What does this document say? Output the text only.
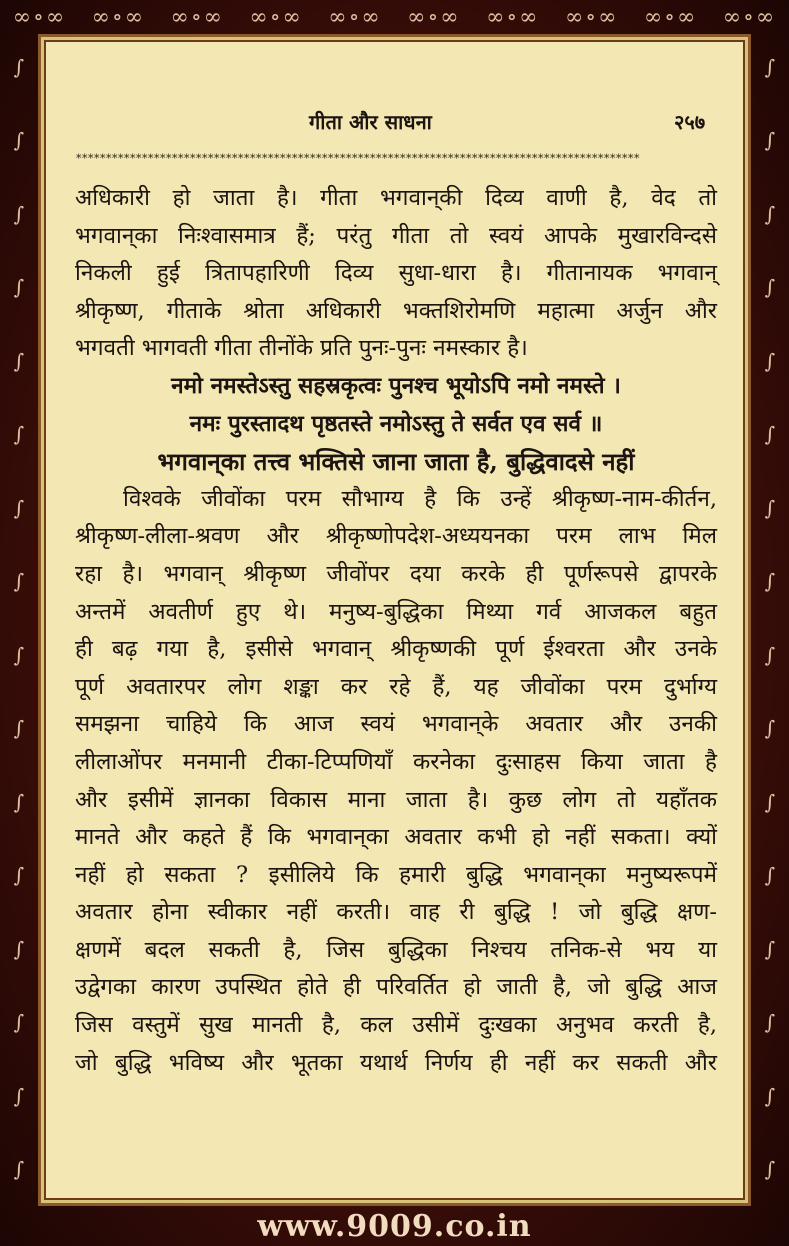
∞∘∞ ∞∘∞ ∞∘∞ ∞∘∞ ∞∘∞ ∞∘∞ ∞∘∞ ∞∘∞ ∞∘∞ ∞∘∞
∫
∫
∫
∫
∫
∫
∫
∫
∫
∫
∫
∫
∫
∫
∫
∫
∫
∫
∫
∫
∫
∫
∫
∫
∫
∫
∫
∫
∫
∫
∫
∫
गीता और साधना	२५७
**********************************************************************************************
अधिकारी हो जाता है। गीता भगवान्‌की दिव्य वाणी है, वेद तो
भगवान्‌का निःश्वासमात्र हैं; परंतु गीता तो स्वयं आपके मुखारविन्दसे
निकली हुई त्रितापहारिणी दिव्य सुधा-धारा है। गीतानायक भगवान्
श्रीकृष्ण, गीताके श्रोता अधिकारी भक्तशिरोमणि महात्मा अर्जुन और
भगवती भागवती गीता तीनोंके प्रति पुनः-पुनः नमस्कार है।
नमो नमस्तेऽस्तु सहस्रकृत्वः पुनश्च भूयोऽपि नमो नमस्ते ।
नमः पुरस्तादथ पृष्ठतस्ते नमोऽस्तु ते सर्वत एव सर्व ॥
भगवान्‌का तत्त्व भक्तिसे जाना जाता है, बुद्धिवादसे नहीं
विश्वके जीवोंका परम सौभाग्य है कि उन्हें श्रीकृष्ण-नाम-कीर्तन,
श्रीकृष्ण-लीला-श्रवण और श्रीकृष्णोपदेश-अध्ययनका परम लाभ मिल
रहा है। भगवान् श्रीकृष्ण जीवोंपर दया करके ही पूर्णरूपसे द्वापरके
अन्तमें अवतीर्ण हुए थे। मनुष्य-बुद्धिका मिथ्या गर्व आजकल बहुत
ही बढ़ गया है, इसीसे भगवान् श्रीकृष्णकी पूर्ण ईश्वरता और उनके
पूर्ण अवतारपर लोग शङ्का कर रहे हैं, यह जीवोंका परम दुर्भाग्य
समझना चाहिये कि आज स्वयं भगवान्‌के अवतार और उनकी
लीलाओंपर मनमानी टीका-टिप्पणियाँ करनेका दुःसाहस किया जाता है
और इसीमें ज्ञानका विकास माना जाता है। कुछ लोग तो यहाँतक
मानते और कहते हैं कि भगवान्‌का अवतार कभी हो नहीं सकता। क्यों
नहीं हो सकता ? इसीलिये कि हमारी बुद्धि भगवान्‌का मनुष्यरूपमें
अवतार होना स्वीकार नहीं करती। वाह री बुद्धि ! जो बुद्धि क्षण-
क्षणमें बदल सकती है, जिस बुद्धिका निश्चय तनिक-से भय या
उद्वेगका कारण उपस्थित होते ही परिवर्तित हो जाती है, जो बुद्धि आज
जिस वस्तुमें सुख मानती है, कल उसीमें दुःखका अनुभव करती है,
जो बुद्धि भविष्य और भूतका यथार्थ निर्णय ही नहीं कर सकती और
www.9009.co.in
